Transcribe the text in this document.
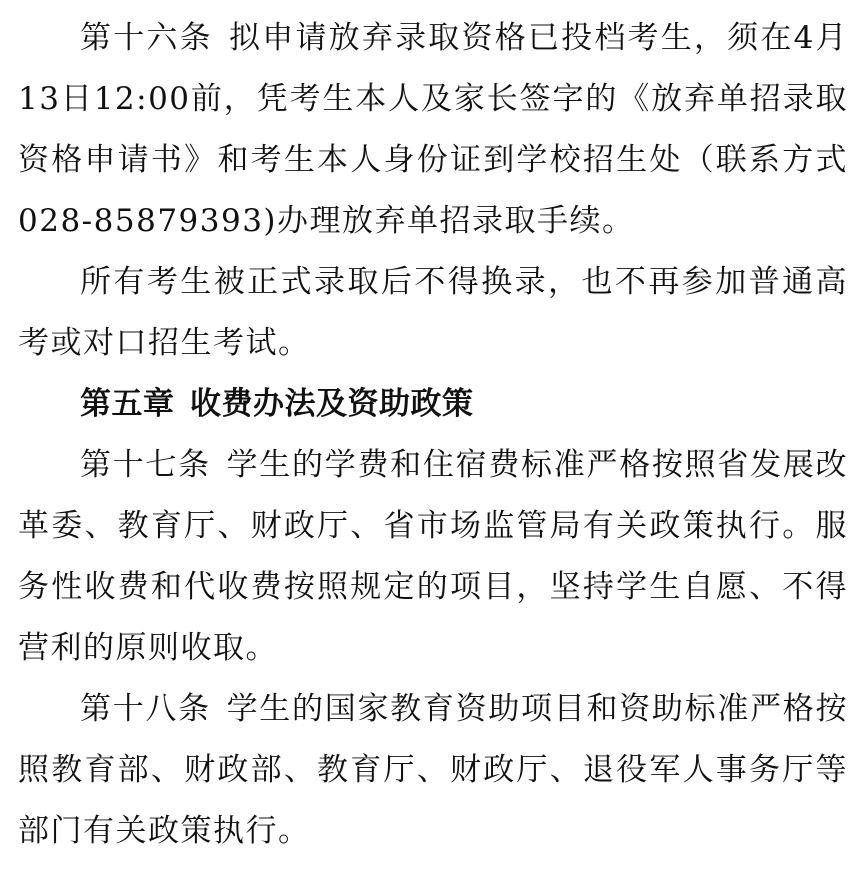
第十六条 拟申请放弃录取资格已投档考生，须在4月13日12:00前，凭考生本人及家长签字的《放弃单招录取资格申请书》和考生本人身份证到学校招生处（联系方式028-85879393)办理放弃单招录取手续。

所有考生被正式录取后不得换录，也不再参加普通高考或对口招生考试。

第五章 收费办法及资助政策

第十七条 学生的学费和住宿费标准严格按照省发展改革委、教育厅、财政厅、省市场监管局有关政策执行。服务性收费和代收费按照规定的项目，坚持学生自愿、不得营利的原则收取。

第十八条 学生的国家教育资助项目和资助标准严格按照教育部、财政部、教育厅、财政厅、退役军人事务厅等部门有关政策执行。
